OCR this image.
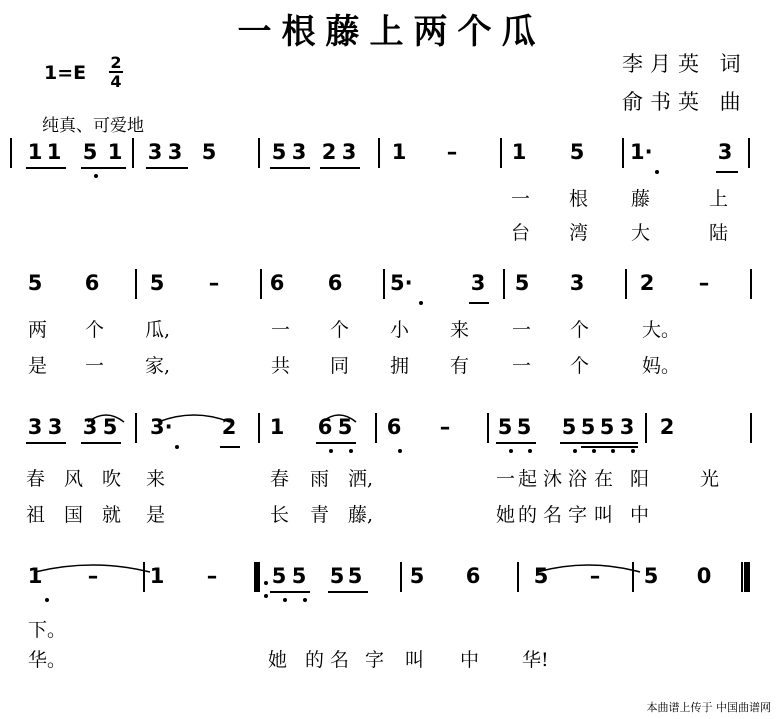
一根藤上两个瓜
李月英 词
俞书英 曲
$1=E \frac{2}{4}$
纯真、可爱地
1 1 5 1 3 3 5	5 3 2 3 1 –	1 5 1·	3
一 根 藤	上
台 湾 大	陆
5 6 5 – 6 6 5·	3 5 3	2 –
两 个 瓜,	一 个 小 来 一 个	大。
是 一 家,	共 同 拥 有 一 个	妈。
3 3 3 5 3· 2 1 6 5 6 – 5 5 5 5 5 3 2
春 风 吹 来	春 雨 洒,	一 起 沐 浴 在 阳	光
祖 国 就 是	长 青 藤,	她 的 名 字 叫 中
1 – 1 –	5 5 5 5 5 6	5 – 5 0
下。
华。	她 的 名 字 叫 中 华!
本曲谱上传于 中国曲谱网
